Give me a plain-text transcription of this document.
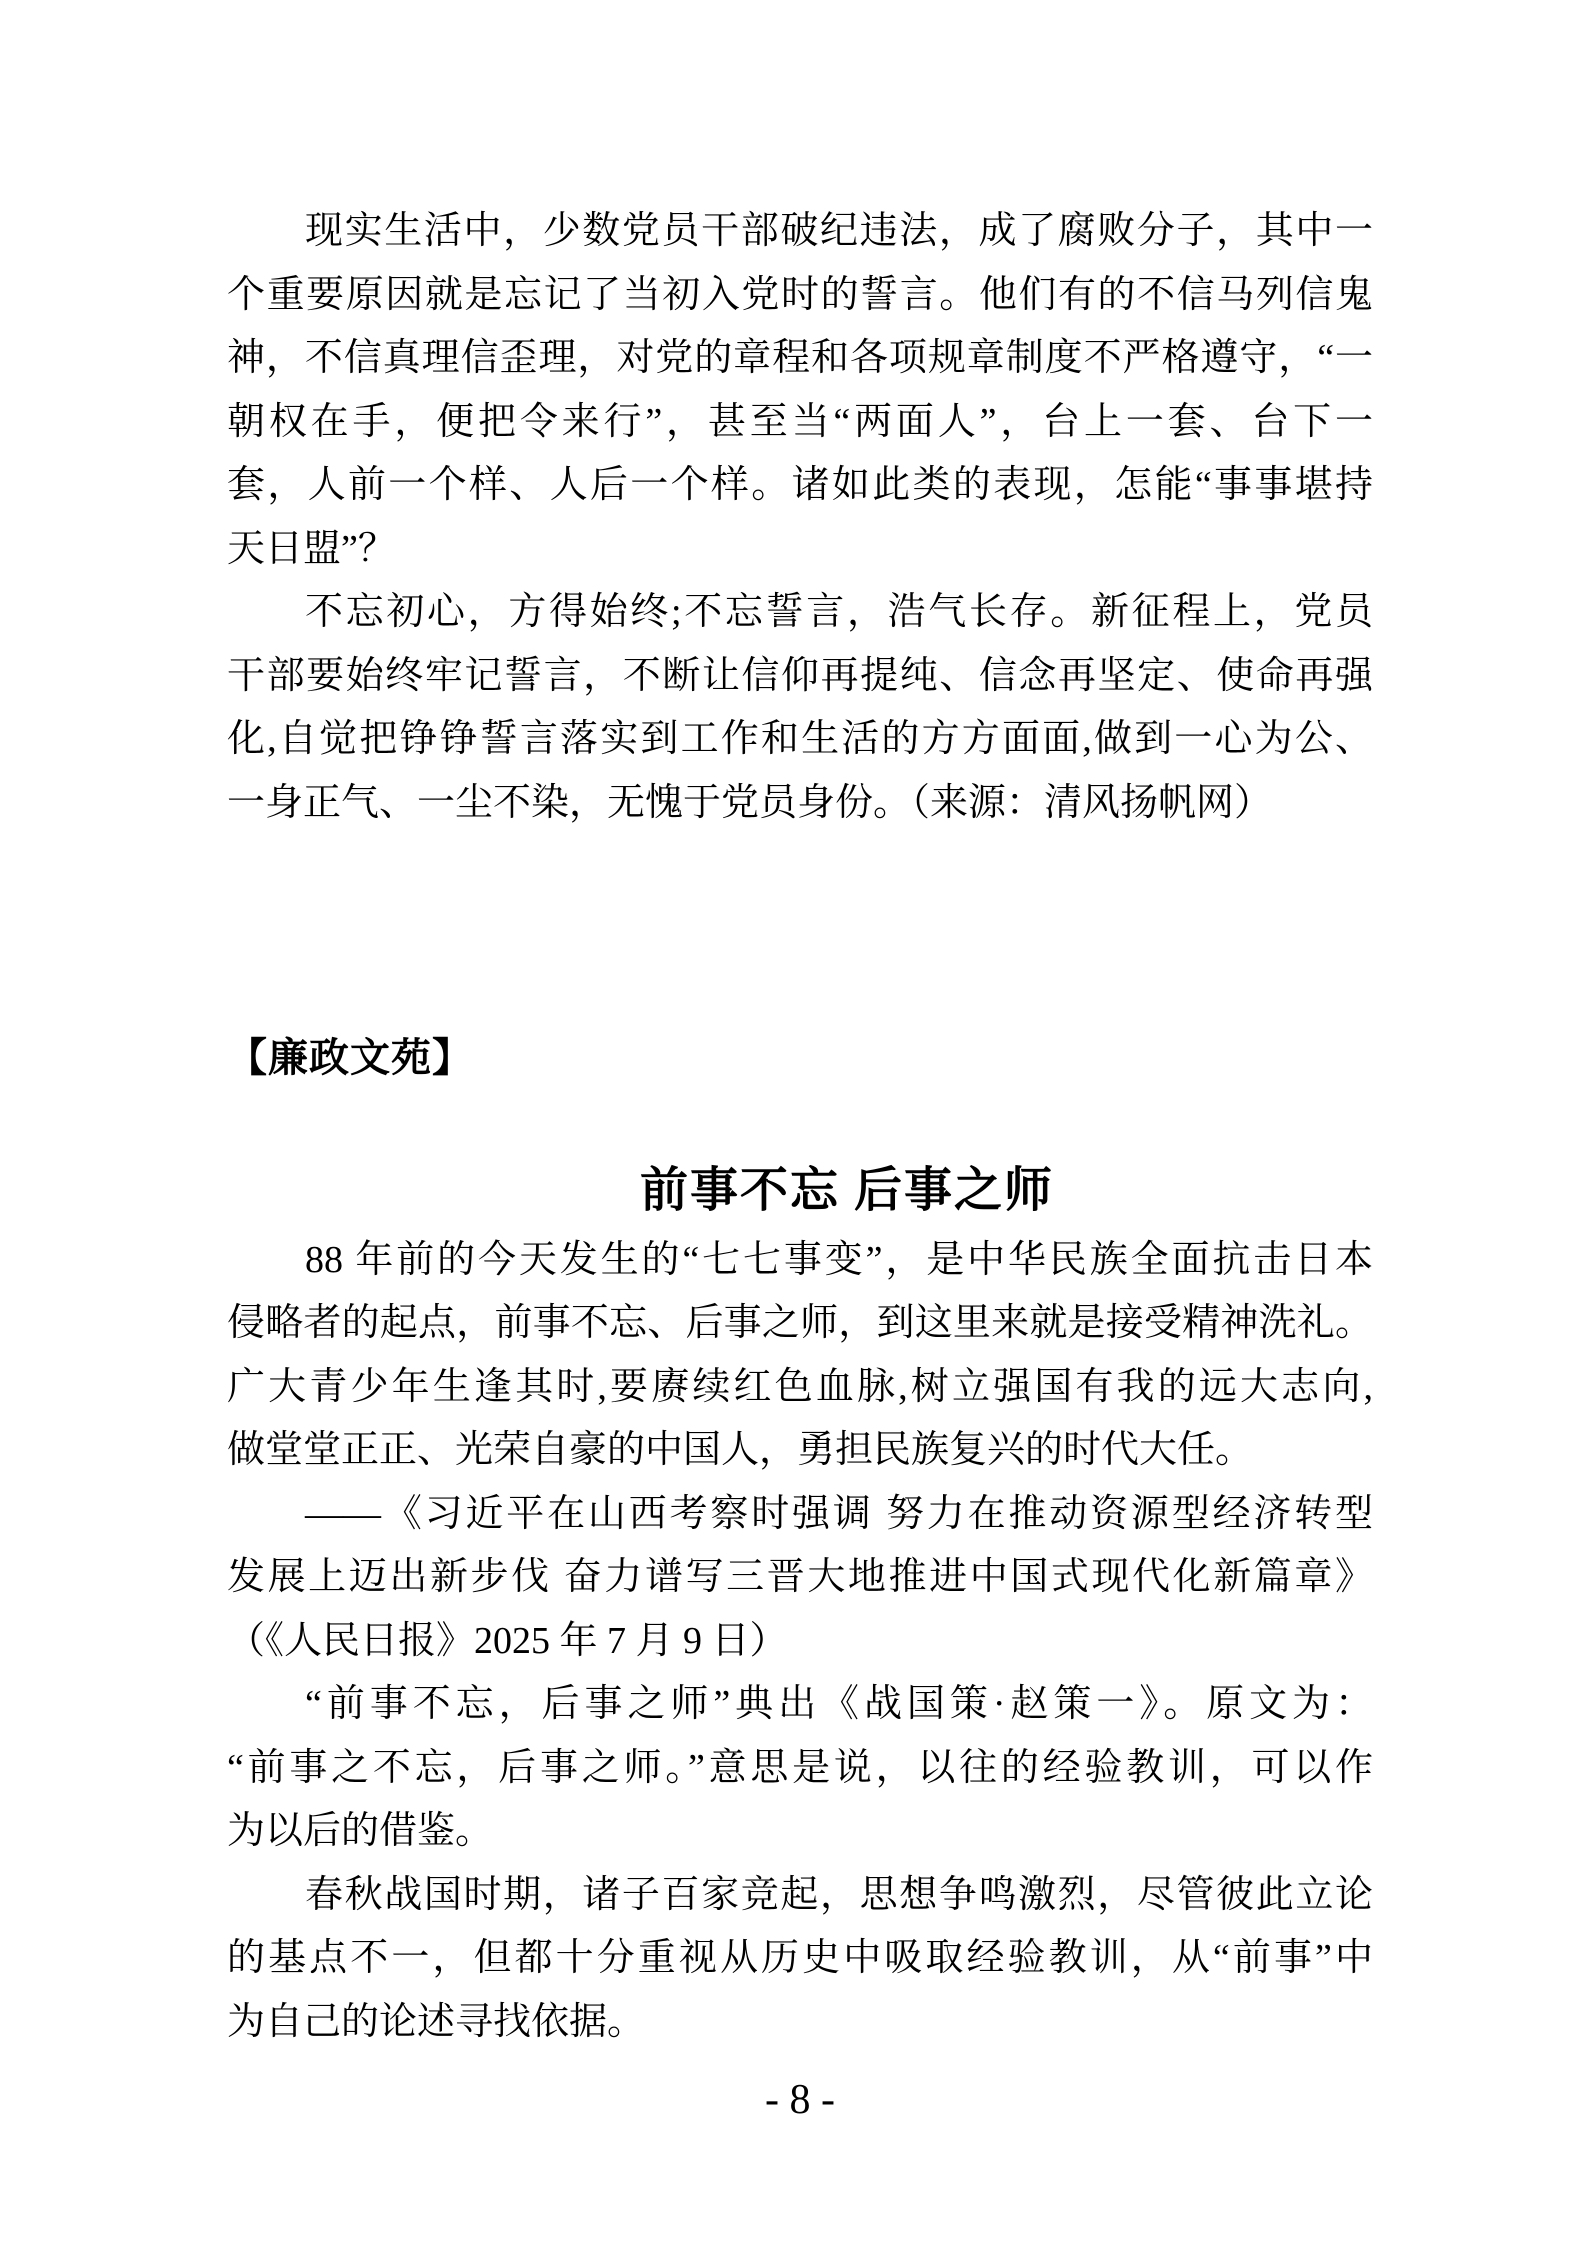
现实生活中，少数党员干部破纪违法，成了腐败分子，其中一
个重要原因就是忘记了当初入党时的誓言。他们有的不信马列信鬼
神，不信真理信歪理，对党的章程和各项规章制度不严格遵守，“一
朝权在手，便把令来行”，甚至当“两面人”，台上一套、台下一
套，人前一个样、人后一个样。诸如此类的表现，怎能“事事堪持
天日盟”？
不忘初心，方得始终;不忘誓言，浩气长存。新征程上，党员
干部要始终牢记誓言，不断让信仰再提纯、信念再坚定、使命再强
化,自觉把铮铮誓言落实到工作和生活的方方面面,做到一心为公、
一身正气、一尘不染，无愧于党员身份。（来源：清风扬帆网）
【廉政文苑】
前事不忘 后事之师
88 年前的今天发生的“七七事变”，是中华民族全面抗击日本
侵略者的起点，前事不忘、后事之师，到这里来就是接受精神洗礼。
广大青少年生逢其时,要赓续红色血脉,树立强国有我的远大志向,
做堂堂正正、光荣自豪的中国人，勇担民族复兴的时代大任。
——《习近平在山西考察时强调 努力在推动资源型经济转型
发展上迈出新步伐 奋力谱写三晋大地推进中国式现代化新篇章》
（《人民日报》2025 年 7 月 9 日）
“前事不忘，后事之师”典出《战国策·赵策一》。原文为：
“前事之不忘，后事之师。”意思是说，以往的经验教训，可以作
为以后的借鉴。
春秋战国时期，诸子百家竞起，思想争鸣激烈，尽管彼此立论
的基点不一，但都十分重视从历史中吸取经验教训，从“前事”中
为自己的论述寻找依据。
- 8 -
